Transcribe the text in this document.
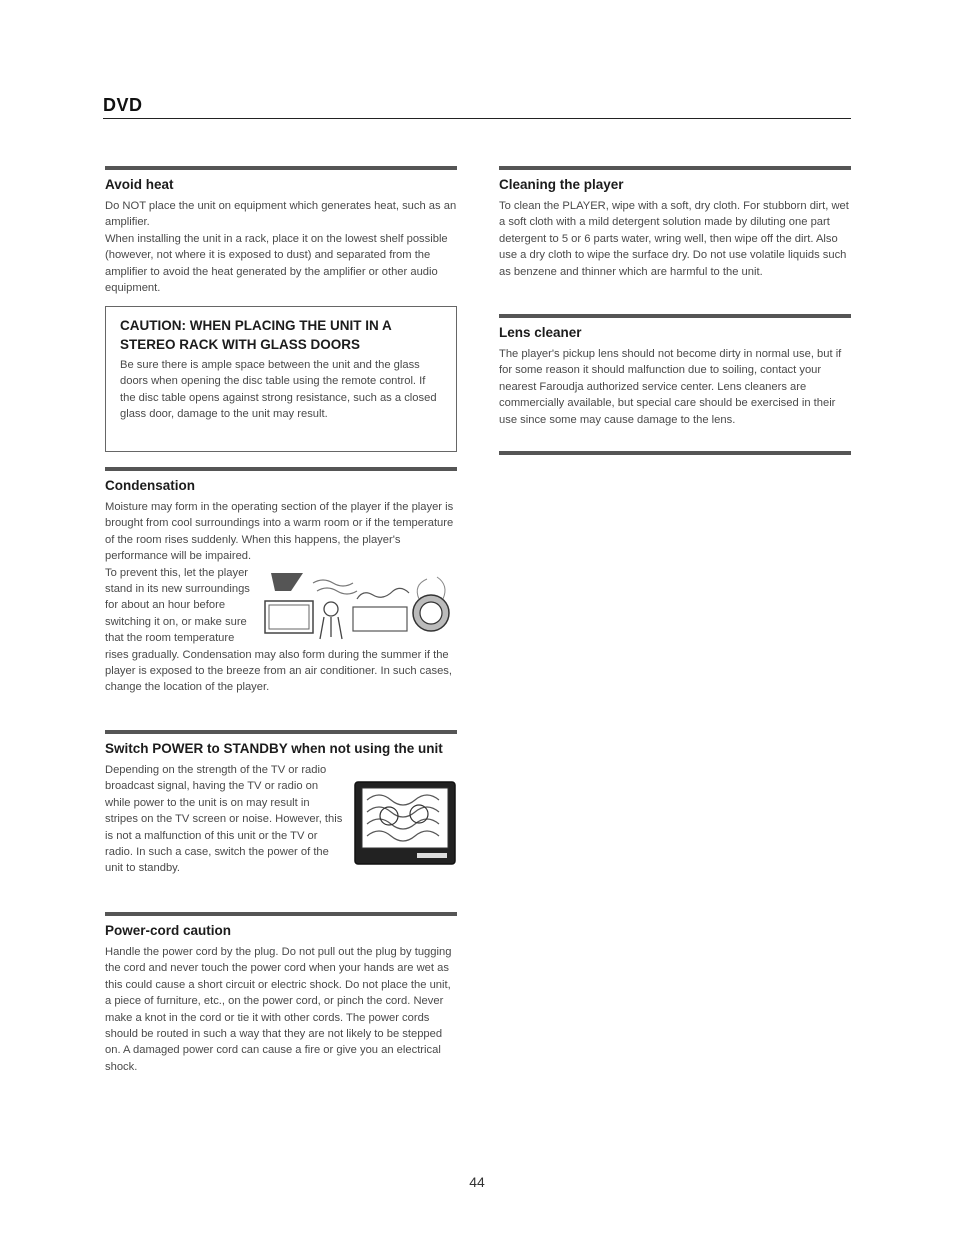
DVD
Avoid heat

Do NOT place the unit on equipment which generates heat, such as an amplifier.

When installing the unit in a rack, place it on the lowest shelf possible (however, not where it is exposed to dust) and separated from the amplifier to avoid the heat generated by the amplifier or other audio equipment.

CAUTION: WHEN PLACING THE UNIT IN A STEREO RACK WITH GLASS DOORS

Be sure there is ample space between the unit and the glass doors when opening the disc table using the remote control. If the disc table opens against strong resistance, such as a closed glass door, damage to the unit may result.

Condensation

Moisture may form in the operating section of the player if the player is brought from cool surroundings into a warm room or if the temperature of the room rises suddenly. When this happens, the player's performance will be impaired.

To prevent this, let the player stand in its new surroundings for about an hour before switching it on, or make sure that the room temperature rises gradually. Condensation may also form during the summer if the player is exposed to the breeze from an air conditioner. In such cases, change the location of the player.

Switch POWER to STANDBY when not using the unit

Depending on the strength of the TV or radio broadcast signal, having the TV or radio on while power to the unit is on may result in stripes on the TV screen or noise. However, this is not a malfunction of this unit or the TV or radio. In such a case, switch the power of the unit to standby.

Power-cord caution

Handle the power cord by the plug. Do not pull out the plug by tugging the cord and never touch the power cord when your hands are wet as this could cause a short circuit or electric shock. Do not place the unit, a piece of furniture, etc., on the power cord, or pinch the cord. Never make a knot in the cord or tie it with other cords. The power cords should be routed in such a way that they are not likely to be stepped on. A damaged power cord can cause a fire or give you an electrical shock.

Cleaning the player

To clean the PLAYER, wipe with a soft, dry cloth. For stubborn dirt, wet a soft cloth with a mild detergent solution made by diluting one part detergent to 5 or 6 parts water, wring well, then wipe off the dirt. Also use a dry cloth to wipe the surface dry. Do not use volatile liquids such as benzene and thinner which are harmful to the unit.

Lens cleaner

The player's pickup lens should not become dirty in normal use, but if for some reason it should malfunction due to soiling, contact your nearest Faroudja authorized service center. Lens cleaners are commercially available, but special care should be exercised in their use since some may cause damage to the lens.

44
